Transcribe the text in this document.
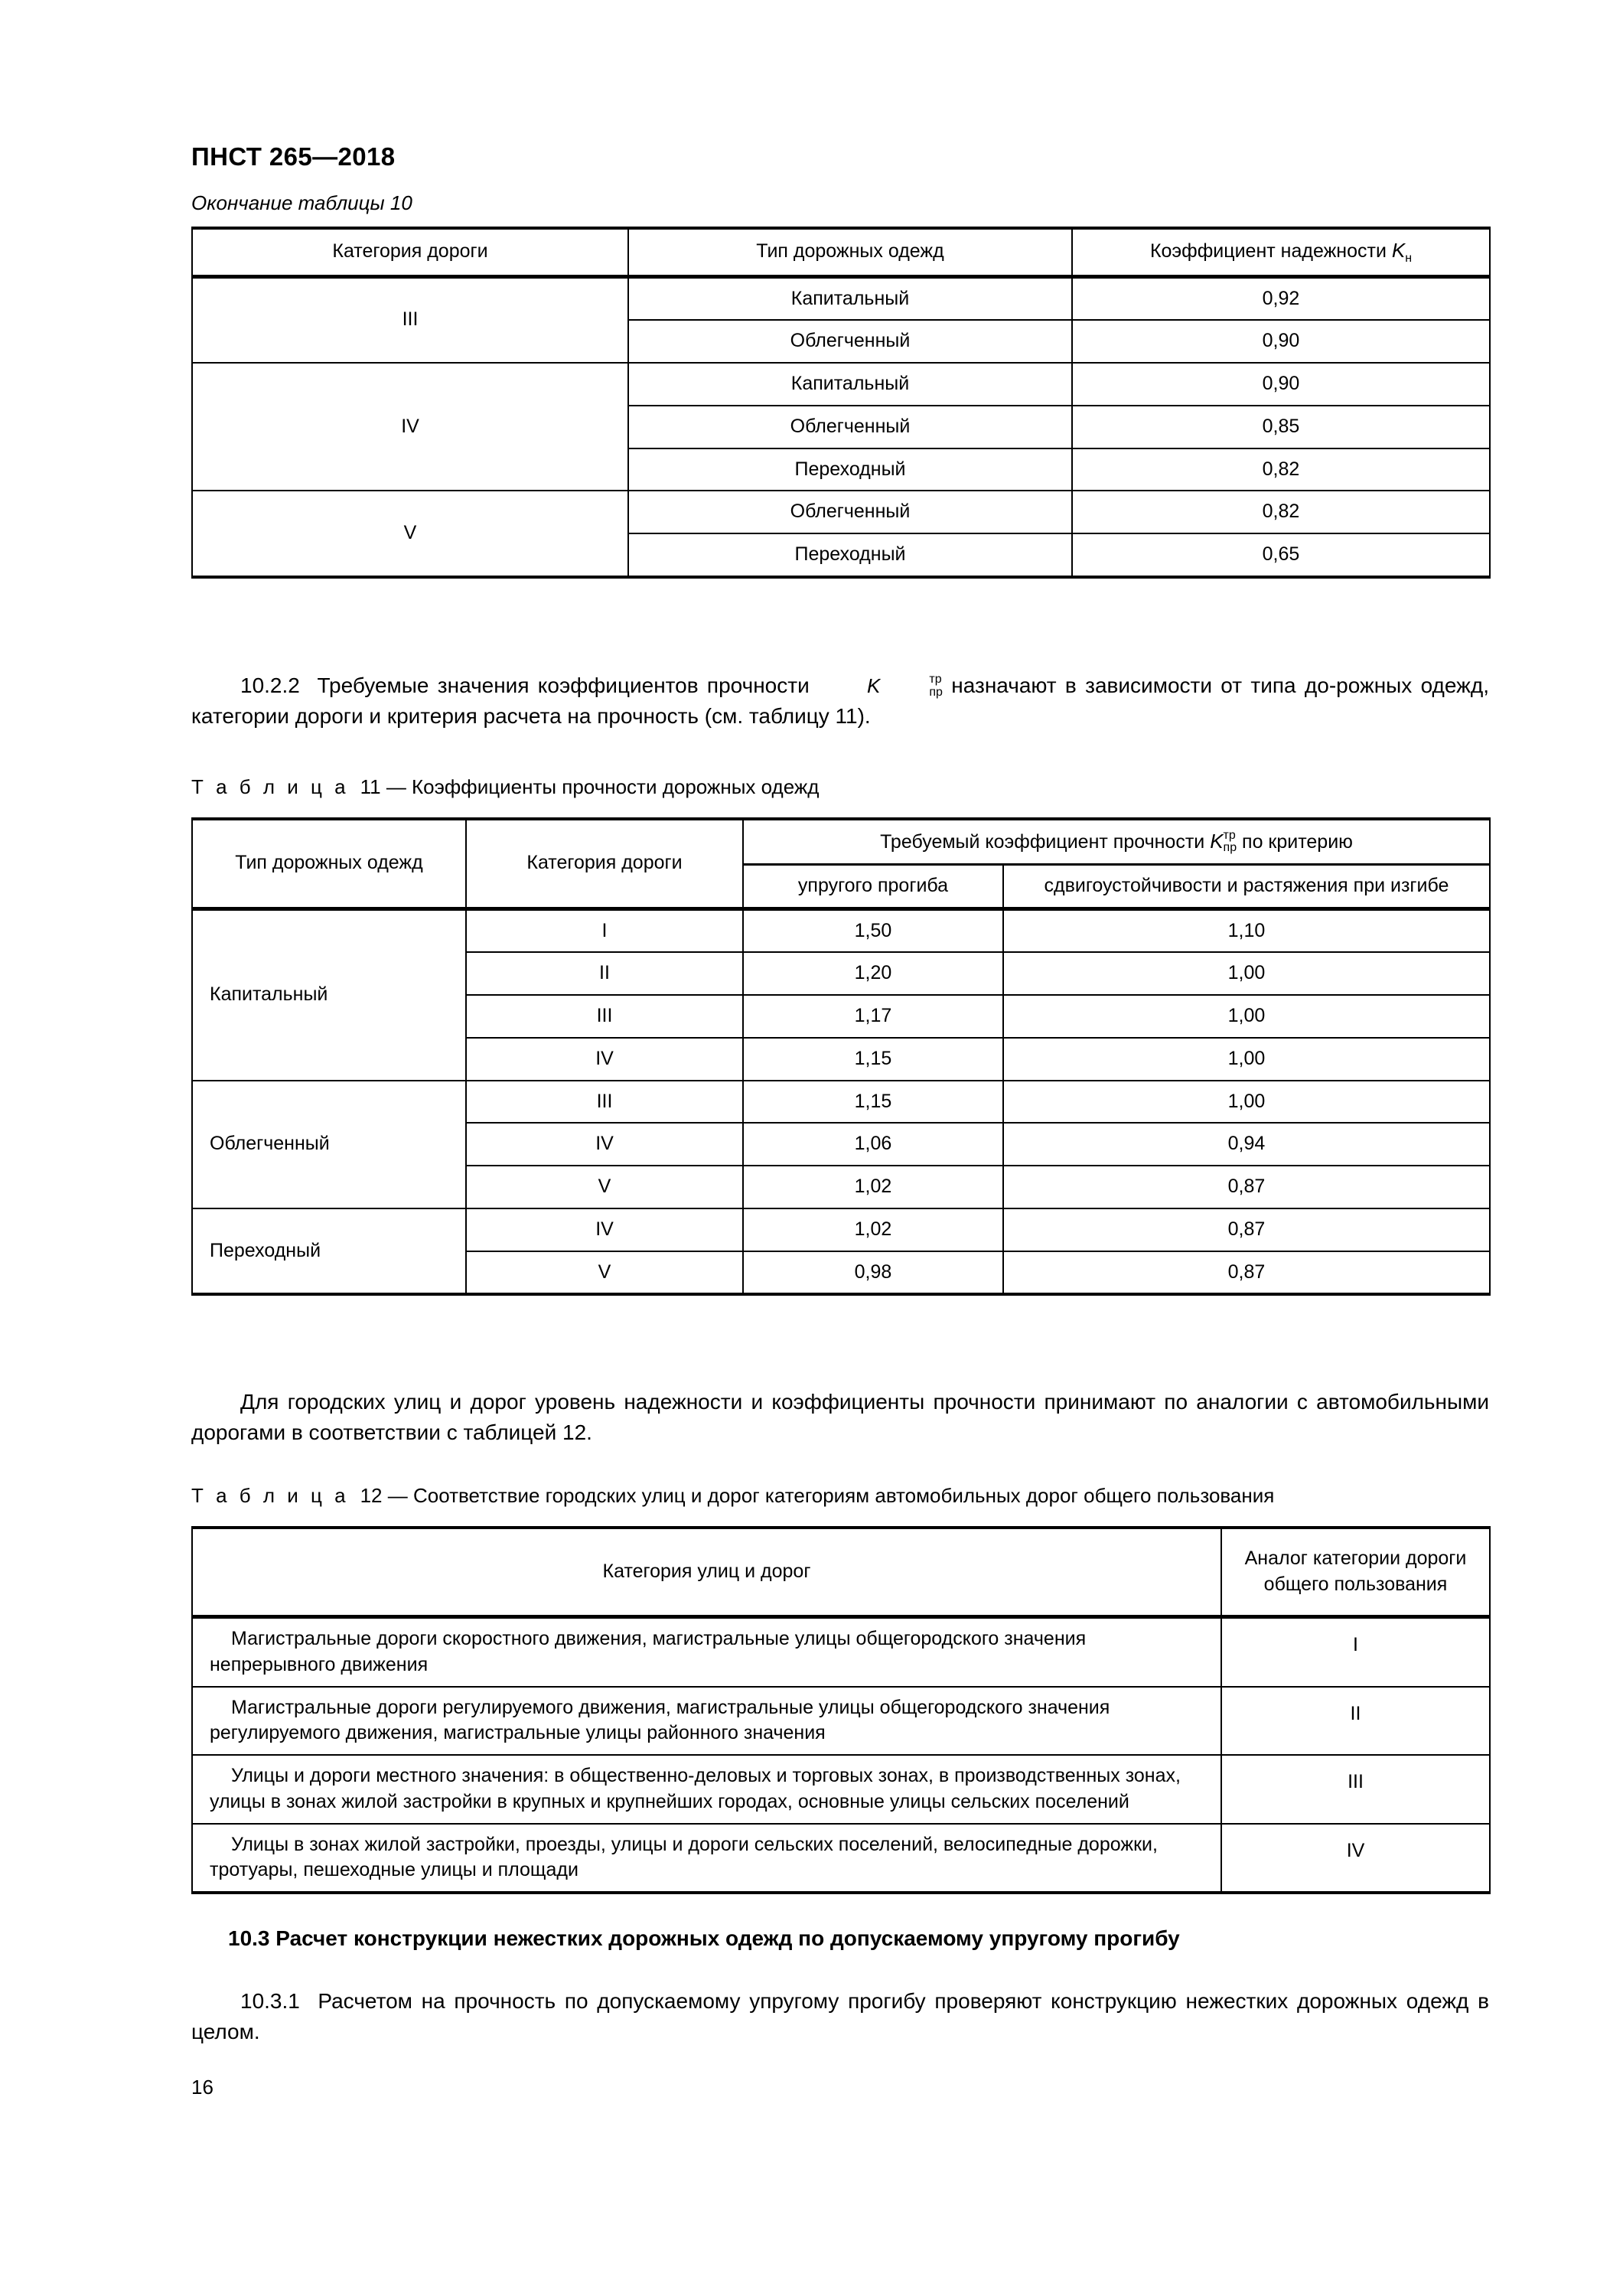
ПНСТ 265—2018
Окончание таблицы 10
Категория дороги	Тип дорожных одежд	Коэффициент надежности $K_н$
III	Капитальный	0,92
	Облегченный	0,90
IV	Капитальный	0,90
	Облегченный	0,85
	Переходный	0,82
V	Облегченный	0,82
	Переходный	0,65

10.2.2 Требуемые значения коэффициентов прочности K	тр
пр назначают в зависимости от типа до-рожных одежд, категории дороги и критерия расчета на прочность (см. таблицу 11).

Т а б л и ц а 11 — Коэффициенты прочности дорожных одежд
Тип дорожных одежд	Категория дороги	Требуемый коэффициент прочности K тр
пр по критерию	
		упругого прогиба	сдвигоустойчивости и растяжения при изгибе
Капитальный	I	1,50	1,10
	II	1,20	1,00
	III	1,17	1,00
	IV	1,15	1,00
Облегченный	III	1,15	1,00
	IV	1,06	0,94
	V	1,02	0,87
Переходный	IV	1,02	0,87
	V	0,98	0,87

Для городских улиц и дорог уровень надежности и коэффициенты прочности принимают по аналогии с автомобильными дорогами в соответствии с таблицей 12.

Т а б л и ц а 12 — Соответствие городских улиц и дорог категориям автомобильных дорог общего пользования
Категория улиц и дорог	Аналог категории дороги
общего пользования
Магистральные дороги скоростного движения, магистральные улицы общегородского значения непрерывного движения	I
Магистральные дороги регулируемого движения, магистральные улицы общегородского значения регулируемого движения, магистральные улицы районного значения	II
Улицы и дороги местного значения: в общественно-деловых и торговых зонах, в производственных зонах, улицы в зонах жилой застройки в крупных и крупнейших городах, основные улицы сельских поселений	III
Улицы в зонах жилой застройки, проезды, улицы и дороги сельских поселений, велосипедные дорожки, тротуары, пешеходные улицы и площади	IV
10.3 Расчет конструкции нежестких дорожных одежд по допускаемому упругому прогибу

10.3.1 Расчетом на прочность по допускаемому упругому прогибу проверяют конструкцию нежестких дорожных одежд в целом.

16
